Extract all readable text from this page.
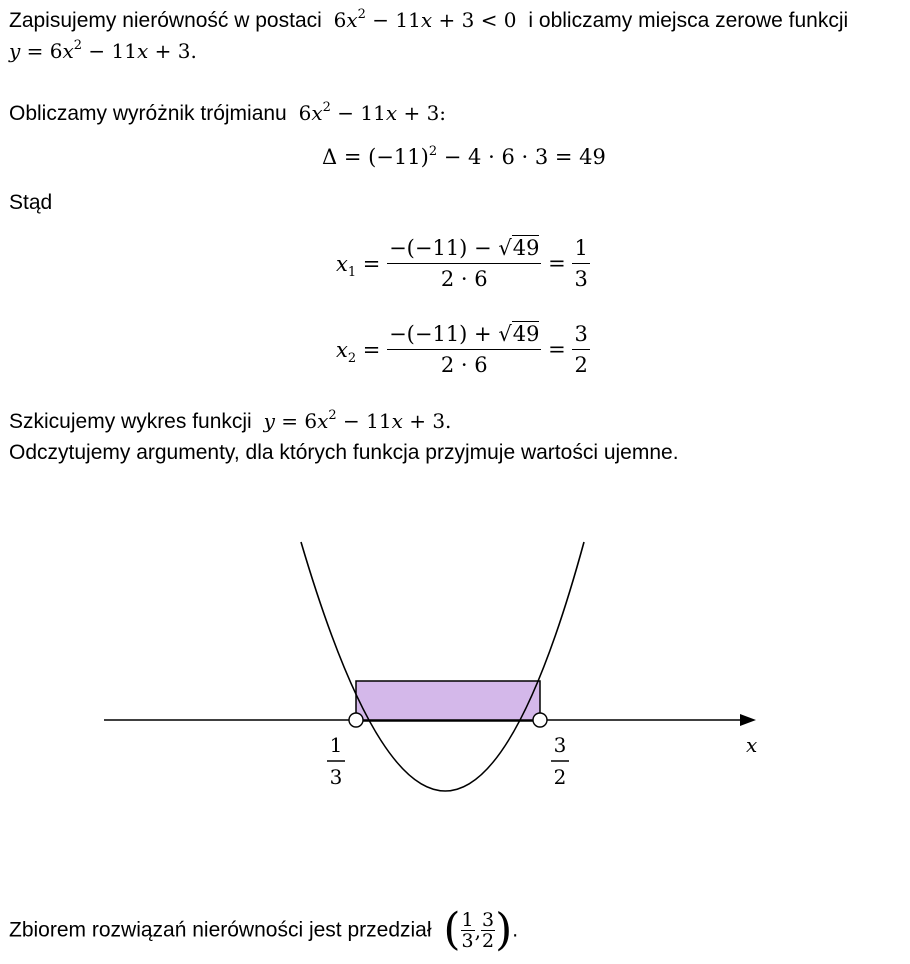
Zapisujemy nierówność w postaci $6x^2 - 11x + 3 < 0$ i obliczamy miejsca zerowe funkcji
$y = 6x^2 - 11x + 3$.
Obliczamy wyróżnik trójmianu $6x^2 - 11x + 3$:
$\Delta = (-11)^2 - 4 \cdot 6 \cdot 3 = 49$
Stąd
$x_1 = \frac{-(-11) - √49}{2 \cdot 6} = \frac{1}{3}$
$x_2 = \frac{-(-11) + √49}{2 \cdot 6} = \frac{3}{2}$
Szkicujemy wykres funkcji $y = 6x^2 - 11x + 3$.
Odczytujemy argumenty, dla których funkcja przyjmuje wartości ujemne.
x
1
3
3
2
Zbiorem rozwiązań nierówności jest przedział ( $\frac{1}{3}$ , $\frac{3}{2}$ ).
